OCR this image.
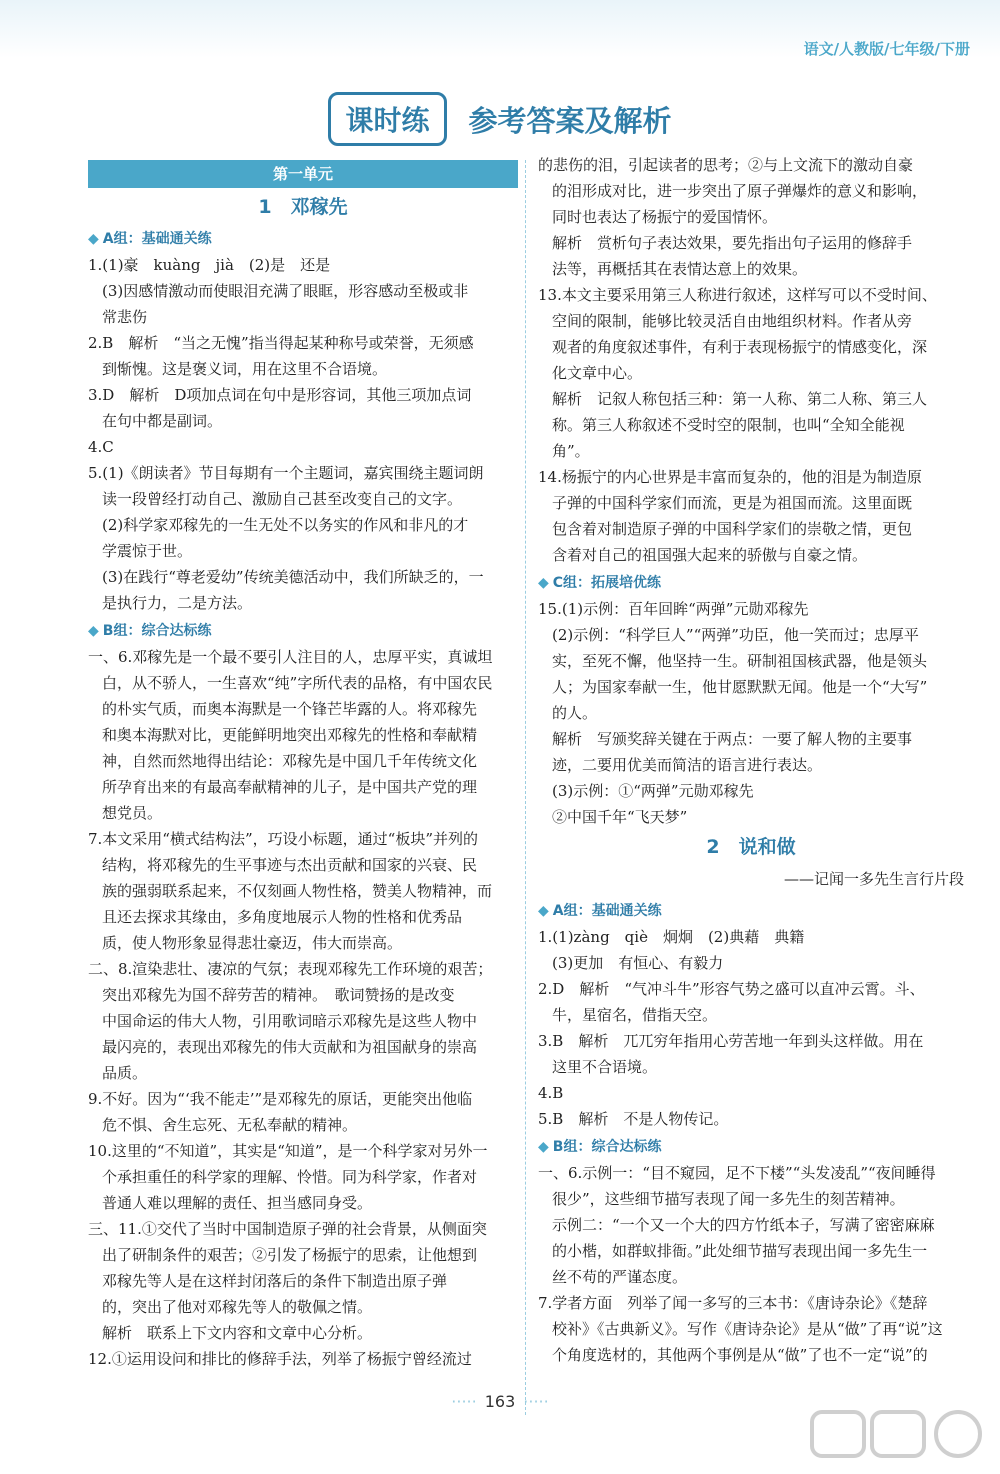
语文/人教版/七年级/下册
课时练	参考答案及解析
第一单元
1　邓稼先
◆ A组：基础通关练
1.(1)豪　kuàng　jià　(2)是　还是
(3)因感情激动而使眼泪充满了眼眶，形容感动至极或非
常悲伤
2.B　解析　“当之无愧”指当得起某种称号或荣誉，无须感
到惭愧。这是褒义词，用在这里不合语境。
3.D　解析　D项加点词在句中是形容词，其他三项加点词
在句中都是副词。
4.C
5.(1)《朗读者》节目每期有一个主题词，嘉宾围绕主题词朗
读一段曾经打动自己、激励自己甚至改变自己的文字。
(2)科学家邓稼先的一生无处不以务实的作风和非凡的才
学震惊于世。
(3)在践行“尊老爱幼”传统美德活动中，我们所缺乏的，一
是执行力，二是方法。
◆ B组：综合达标练
一、6.邓稼先是一个最不要引人注目的人，忠厚平实，真诚坦
白，从不骄人，一生喜欢“纯”字所代表的品格，有中国农民
的朴实气质，而奥本海默是一个锋芒毕露的人。将邓稼先
和奥本海默对比，更能鲜明地突出邓稼先的性格和奉献精
神，自然而然地得出结论：邓稼先是中国几千年传统文化
所孕育出来的有最高奉献精神的儿子，是中国共产党的理
想党员。
7.本文采用“横式结构法”，巧设小标题，通过“板块”并列的
结构，将邓稼先的生平事迹与杰出贡献和国家的兴衰、民
族的强弱联系起来，不仅刻画人物性格，赞美人物精神，而
且还去探求其缘由，多角度地展示人物的性格和优秀品
质，使人物形象显得悲壮豪迈，伟大而崇高。
二、8.渲染悲壮、凄凉的气氛；表现邓稼先工作环境的艰苦；
突出邓稼先为国不辞劳苦的精神。　歌词赞扬的是改变
中国命运的伟大人物，引用歌词暗示邓稼先是这些人物中
最闪亮的，表现出邓稼先的伟大贡献和为祖国献身的崇高
品质。
9.不好。因为“‘我不能走’”是邓稼先的原话，更能突出他临
危不惧、舍生忘死、无私奉献的精神。
10.这里的“不知道”，其实是“知道”，是一个科学家对另外一
个承担重任的科学家的理解、怜惜。同为科学家，作者对
普通人难以理解的责任、担当感同身受。
三、11.①交代了当时中国制造原子弹的社会背景，从侧面突
出了研制条件的艰苦；②引发了杨振宁的思索，让他想到
邓稼先等人是在这样封闭落后的条件下制造出原子弹
的，突出了他对邓稼先等人的敬佩之情。
解析　联系上下文内容和文章中心分析。
12.①运用设问和排比的修辞手法，列举了杨振宁曾经流过
的悲伤的泪，引起读者的思考；②与上文流下的激动自豪
的泪形成对比，进一步突出了原子弹爆炸的意义和影响，
同时也表达了杨振宁的爱国情怀。
解析　赏析句子表达效果，要先指出句子运用的修辞手
法等，再概括其在表情达意上的效果。
13.本文主要采用第三人称进行叙述，这样写可以不受时间、
空间的限制，能够比较灵活自由地组织材料。作者从旁
观者的角度叙述事件，有利于表现杨振宁的情感变化，深
化文章中心。
解析　记叙人称包括三种：第一人称、第二人称、第三人
称。第三人称叙述不受时空的限制，也叫“全知全能视
角”。
14.杨振宁的内心世界是丰富而复杂的，他的泪是为制造原
子弹的中国科学家们而流，更是为祖国而流。这里面既
包含着对制造原子弹的中国科学家们的崇敬之情，更包
含着对自己的祖国强大起来的骄傲与自豪之情。
◆ C组：拓展培优练
15.(1)示例：百年回眸“两弹”元勋邓稼先
(2)示例：“科学巨人”“两弹”功臣，他一笑而过；忠厚平
实，至死不懈，他坚持一生。研制祖国核武器，他是领头
人；为国家奉献一生，他甘愿默默无闻。他是一个“大写”
的人。
解析　写颁奖辞关键在于两点：一要了解人物的主要事
迹，二要用优美而简洁的语言进行表达。
(3)示例：①“两弹”元勋邓稼先
②中国千年“飞天梦”
2　说和做
——记闻一多先生言行片段
◆ A组：基础通关练
1.(1)zàng　qiè　炯炯　(2)典藉　典籍
(3)更加　有恒心、有毅力
2.D　解析　“气冲斗牛”形容气势之盛可以直冲云霄。斗、
牛，星宿名，借指天空。
3.B　解析　兀兀穷年指用心劳苦地一年到头这样做。用在
这里不合语境。
4.B
5.B　解析　不是人物传记。
◆ B组：综合达标练
一、6.示例一：“目不窥园，足不下楼”“头发凌乱”“夜间睡得
很少”，这些细节描写表现了闻一多先生的刻苦精神。
示例二：“一个又一个大的四方竹纸本子，写满了密密麻麻
的小楷，如群蚁排衙。”此处细节描写表现出闻一多先生一
丝不苟的严谨态度。
7.学者方面　列举了闻一多写的三本书：《唐诗杂论》《楚辞
校补》《古典新义》。写作《唐诗杂论》是从“做”了再“说”这
个角度选材的，其他两个事例是从“做”了也不一定“说”的
····· 163 ·····
